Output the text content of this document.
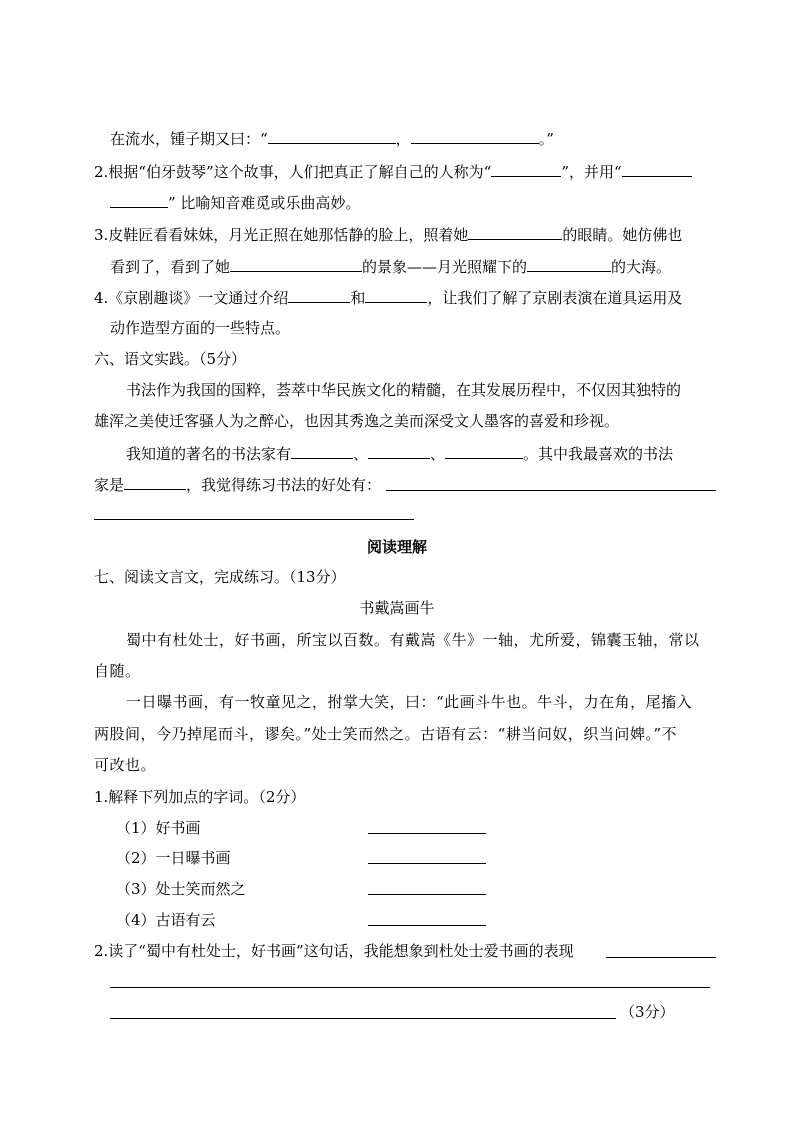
在流水，锺子期又曰：“	，	。”
2.根据“伯牙鼓琴”这个故事，人们把真正了解自己的人称为“	”，并用“
” 比喻知音难觅或乐曲高妙。
3.皮鞋匠看看妹妹，月光正照在她那恬静的脸上，照着她	的眼睛。她仿佛也
看到了，看到了她	的景象——月光照耀下的	的大海。
4.《京剧趣谈》一文通过介绍	和	，让我们了解了京剧表演在道具运用及
动作造型方面的一些特点。
六、语文实践。（5分）
书法作为我国的国粹，荟萃中华民族文化的精髓，在其发展历程中，不仅因其独特的
雄浑之美使迁客骚人为之醉心，也因其秀逸之美而深受文人墨客的喜爱和珍视。
我知道的著名的书法家有	、	、	。其中我最喜欢的书法
家是	，我觉得练习书法的好处有：
阅读理解
七、阅读文言文，完成练习。（13分）
书戴嵩画牛
蜀中有杜处士，好书画，所宝以百数。有戴嵩《牛》一轴，尤所爱，锦囊玉轴，常以
自随。
一日曝书画，有一牧童见之，拊掌大笑，曰：“此画斗牛也。牛斗，力在角，尾搐入
两股间，今乃掉尾而斗，谬矣。”处士笑而然之。古语有云：“耕当问奴，织当问婢。”不
可改也。
1.解释下列加点的字词。（2分）
（1）好书画
（2）一日曝书画
（3）处士笑而然之
（4）古语有云
2.读了“蜀中有杜处士，好书画”这句话，我能想象到杜处士爱书画的表现
（3分）
